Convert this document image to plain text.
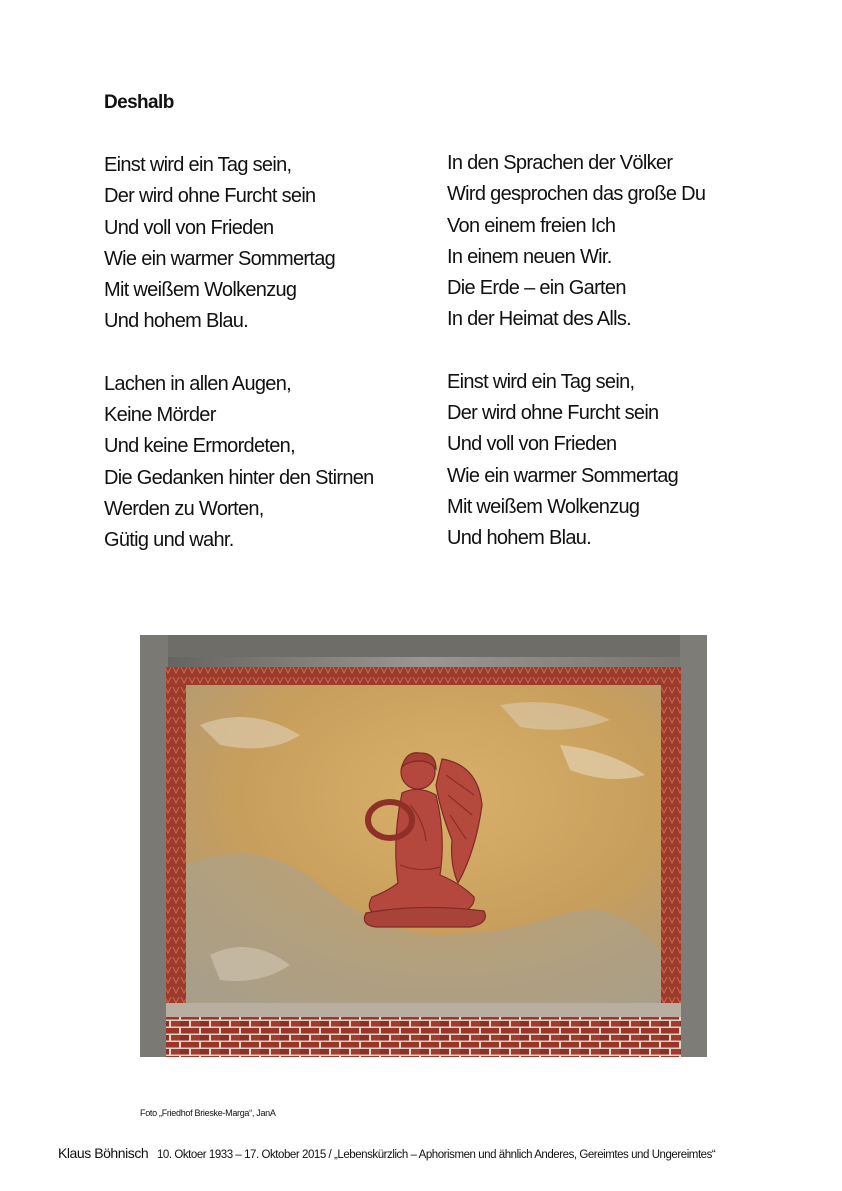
Deshalb
Einst wird ein Tag sein,
Der wird ohne Furcht sein
Und voll von Frieden
Wie ein warmer Sommertag
Mit weißem Wolkenzug
Und hohem Blau.
Lachen in allen Augen,
Keine Mörder
Und keine Ermordeten,
Die Gedanken hinter den Stirnen
Werden zu Worten,
Gütig und wahr.
In den Sprachen der Völker
Wird gesprochen das große Du
Von einem freien Ich
In einem neuen Wir.
Die Erde – ein Garten
In der Heimat des Alls.
Einst wird ein Tag sein,
Der wird ohne Furcht sein
Und voll von Frieden
Wie ein warmer Sommertag
Mit weißem Wolkenzug
Und hohem Blau.
Foto „Friedhof Brieske-Marga“, JanA
Klaus Böhnisch 10. Oktoer 1933 – 17. Oktober 2015 / „Lebenskürzlich – Aphorismen und ähnlich Anderes, Gereimtes und Ungereimtes“
